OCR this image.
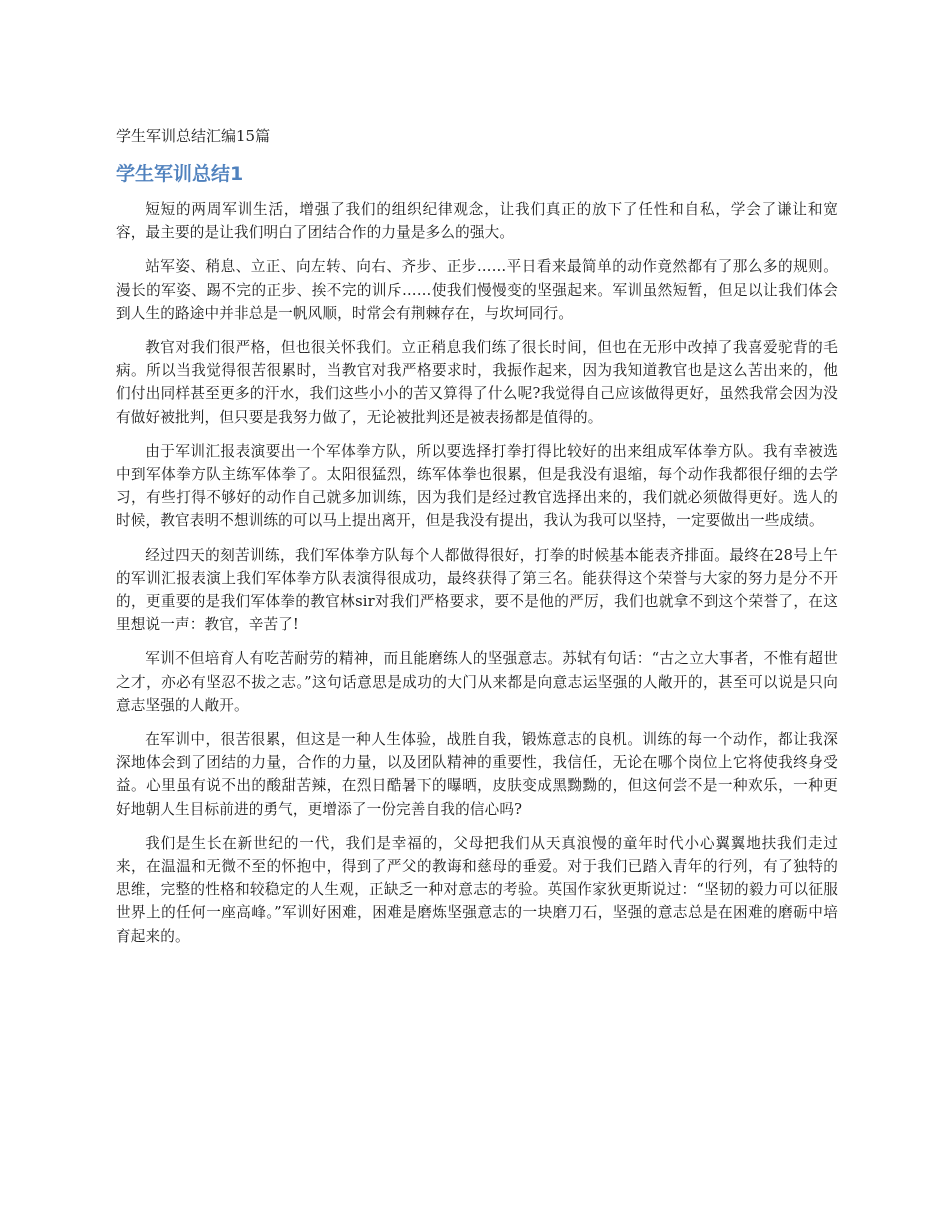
学生军训总结汇编15篇
学生军训总结1

短短的两周军训生活，增强了我们的组织纪律观念，让我们真正的放下了任性和自私，学会了谦让和宽容，最主要的是让我们明白了团结合作的力量是多么的强大。

站军姿、稍息、立正、向左转、向右、齐步、正步……平日看来最简单的动作竟然都有了那么多的规则。漫长的军姿、踢不完的正步、挨不完的训斥……使我们慢慢变的坚强起来。军训虽然短暂，但足以让我们体会到人生的路途中并非总是一帆风顺，时常会有荆棘存在，与坎坷同行。

教官对我们很严格，但也很关怀我们。立正稍息我们练了很长时间，但也在无形中改掉了我喜爱驼背的毛病。所以当我觉得很苦很累时，当教官对我严格要求时，我振作起来，因为我知道教官也是这么苦出来的，他们付出同样甚至更多的汗水，我们这些小小的苦又算得了什么呢?我觉得自己应该做得更好，虽然我常会因为没有做好被批判，但只要是我努力做了，无论被批判还是被表扬都是值得的。

由于军训汇报表演要出一个军体拳方队，所以要选择打拳打得比较好的出来组成军体拳方队。我有幸被选中到军体拳方队主练军体拳了。太阳很猛烈，练军体拳也很累，但是我没有退缩，每个动作我都很仔细的去学习，有些打得不够好的动作自己就多加训练，因为我们是经过教官选择出来的，我们就必须做得更好。选人的时候，教官表明不想训练的可以马上提出离开，但是我没有提出，我认为我可以坚持，一定要做出一些成绩。

经过四天的刻苦训练，我们军体拳方队每个人都做得很好，打拳的时候基本能表齐排面。最终在28号上午的军训汇报表演上我们军体拳方队表演得很成功，最终获得了第三名。能获得这个荣誉与大家的努力是分不开的，更重要的是我们军体拳的教官林sir对我们严格要求，要不是他的严厉，我们也就拿不到这个荣誉了，在这里想说一声：教官，辛苦了!

军训不但培育人有吃苦耐劳的精神，而且能磨练人的坚强意志。苏轼有句话：“古之立大事者，不惟有超世之才，亦必有坚忍不拔之志。”这句话意思是成功的大门从来都是向意志运坚强的人敞开的，甚至可以说是只向意志坚强的人敞开。

在军训中，很苦很累，但这是一种人生体验，战胜自我，锻炼意志的良机。训练的每一个动作，都让我深深地体会到了团结的力量，合作的力量，以及团队精神的重要性，我信任，无论在哪个岗位上它将使我终身受益。心里虽有说不出的酸甜苦辣，在烈日酷暑下的曝晒，皮肤变成黑黝黝的，但这何尝不是一种欢乐，一种更好地朝人生目标前进的勇气，更增添了一份完善自我的信心吗?

我们是生长在新世纪的一代，我们是幸福的，父母把我们从天真浪慢的童年时代小心翼翼地扶我们走过来，在温温和无微不至的怀抱中，得到了严父的教诲和慈母的垂爱。对于我们已踏入青年的行列，有了独特的思维，完整的性格和较稳定的人生观，正缺乏一种对意志的考验。英国作家狄更斯说过：“坚韧的毅力可以征服世界上的任何一座高峰。”军训好困难，困难是磨炼坚强意志的一块磨刀石，坚强的意志总是在困难的磨砺中培育起来的。
